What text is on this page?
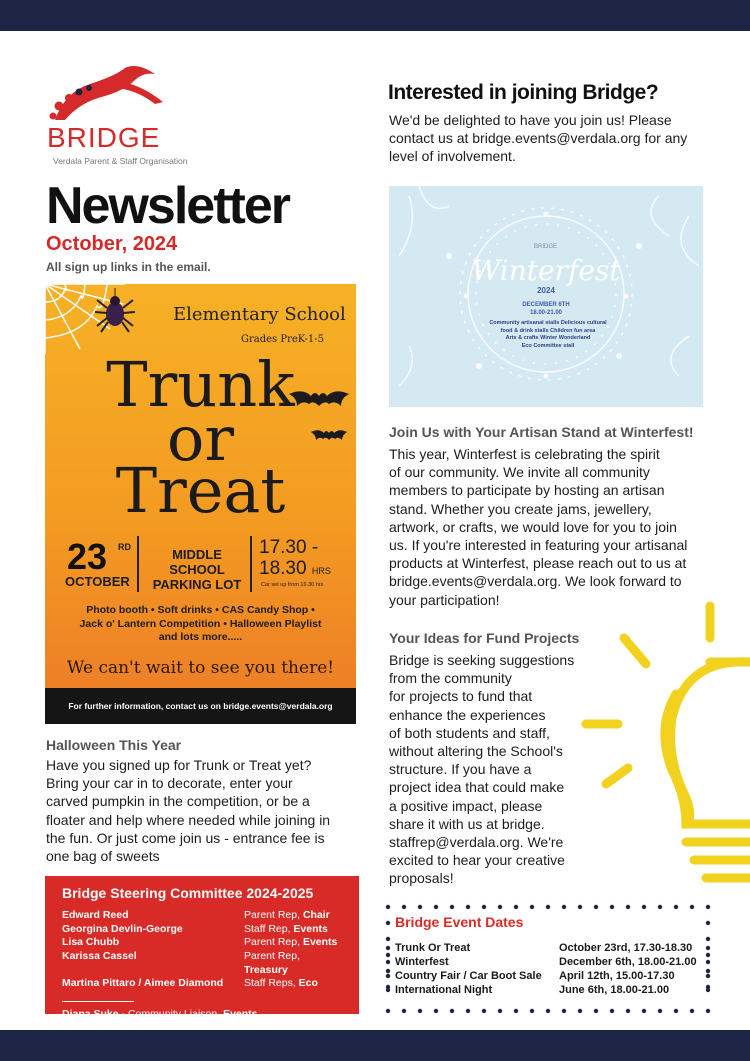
BRIDGE
Verdala Parent & Staff Organisation
Newsletter
October, 2024
All sign up links in the email.
Elementary School
Grades PreK-1-5
Trunk
or
Treat
23 RD
OCTOBER
MIDDLE SCHOOL PARKING LOT
17.30 - 18.30 HRS
Car set up from 16.30 hrs
Photo booth • Soft drinks • CAS Candy Shop •
Jack o' Lantern Competition • Halloween Playlist
and lots more.....
We can't wait to see you there!
For further information, contact us on bridge.events@verdala.org
Halloween This Year
Have you signed up for Trunk or Treat yet?
Bring your car in to decorate, enter your
carved pumpkin in the competition, or be a
floater and help where needed while joining in
the fun. Or just come join us - entrance fee is
one bag of sweets
Bridge Steering Committee 2024-2025
Edward Reed	Parent Rep, Chair
Georgina Devlin-George	Staff Rep, Events
Lisa Chubb	Parent Rep, Events
Karissa Cassel	Parent Rep, Treasury
Martina Pittaro / Aimee Diamond	Staff Reps, Eco
Diana Suke - Community Liaison, Events
Interested in joining Bridge?
We'd be delighted to have you join us! Please
contact us at bridge.events@verdala.org for any
level of involvement.
BRIDGE
Winterfest
2024
DECEMBER 6TH
18.00-21.00
Community artisanal stalls Delicious cultural
food & drink stalls Children fun area
Arts & crafts Winter Wonderland
Eco Committee stall
Join Us with Your Artisan Stand at Winterfest!
This year, Winterfest is celebrating the spirit
of our community. We invite all community
members to participate by hosting an artisan
stand. Whether you create jams, jewellery,
artwork, or crafts, we would love for you to join
us. If you're interested in featuring your artisanal
products at Winterfest, please reach out to us at
bridge.events@verdala.org. We look forward to
your participation!
Your Ideas for Fund Projects
Bridge is seeking suggestions
from the community
for projects to fund that
enhance the experiences
of both students and staff,
without altering the School's
structure. If you have a
project idea that could make
a positive impact, please
share it with us at bridge.
staffrep@verdala.org. We're
excited to hear your creative
proposals!
Bridge Event Dates
Trunk Or Treat	October 23rd, 17.30-18.30
Winterfest	December 6th, 18.00-21.00
Country Fair / Car Boot Sale April 12th, 15.00-17.30
International Night	June 6th, 18.00-21.00
